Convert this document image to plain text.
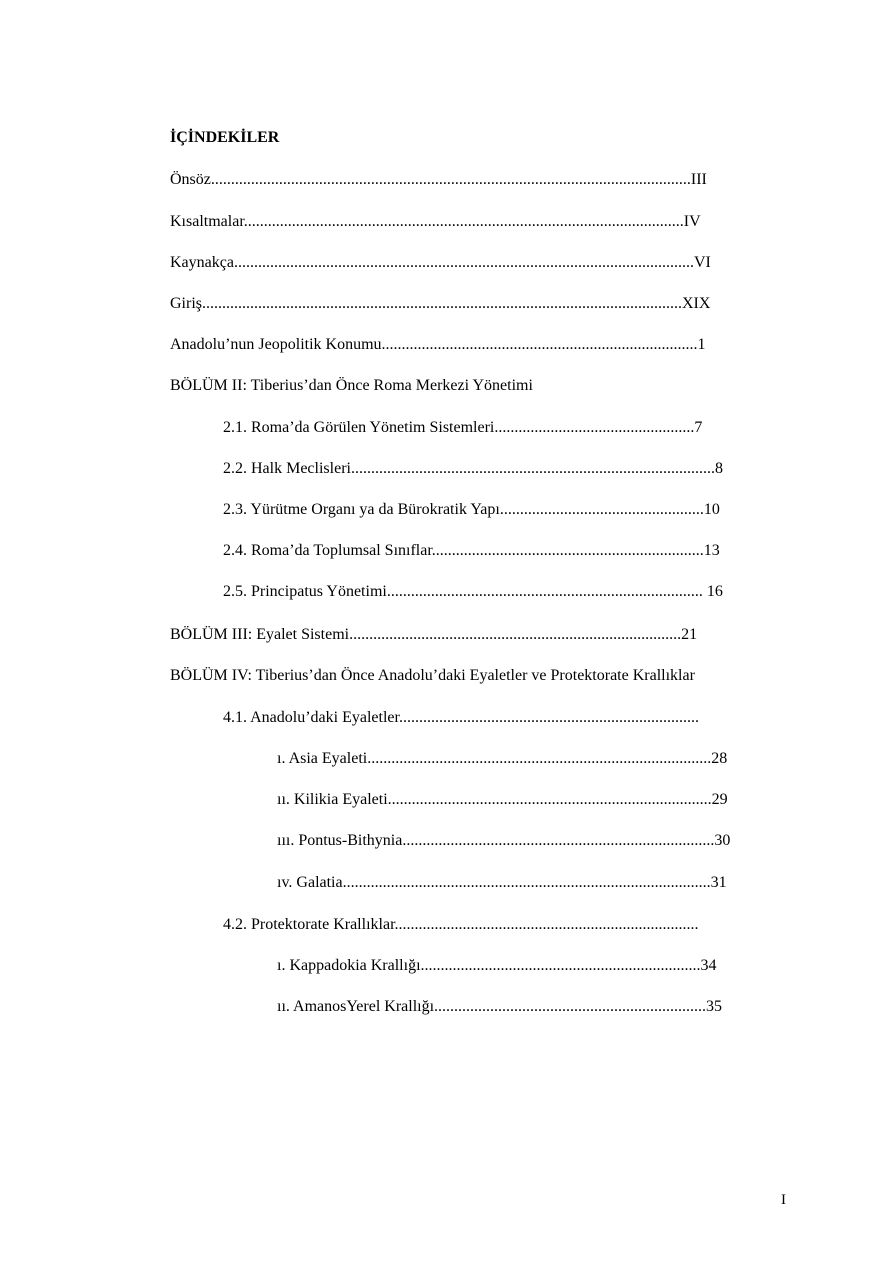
İÇİNDEKİLER
Önsöz........................................................................................................................III
Kısaltmalar..............................................................................................................IV
Kaynakça...................................................................................................................VI
Giriş........................................................................................................................XIX
Anadolu’nun Jeopolitik Konumu...............................................................................1
BÖLÜM II: Tiberius’dan Önce Roma Merkezi Yönetimi
2.1. Roma’da Görülen Yönetim Sistemleri..................................................7
2.2. Halk Meclisleri...........................................................................................8
2.3. Yürütme Organı ya da Bürokratik Yapı...................................................10
2.4. Roma’da Toplumsal Sınıflar....................................................................13
2.5. Principatus Yönetimi............................................................................... 16
BÖLÜM III: Eyalet Sistemi...................................................................................21
BÖLÜM IV: Tiberius’dan Önce Anadolu’daki Eyaletler ve Protektorate Krallıklar
4.1. Anadolu’daki Eyaletler...........................................................................
ı. Asia Eyaleti......................................................................................28
ıı. Kilikia Eyaleti.................................................................................29
ııı. Pontus-Bithynia..............................................................................30
ıv. Galatia............................................................................................31
4.2. Protektorate Krallıklar............................................................................
ı. Kappadokia Krallığı......................................................................34
ıı. AmanosYerel Krallığı....................................................................35
I
